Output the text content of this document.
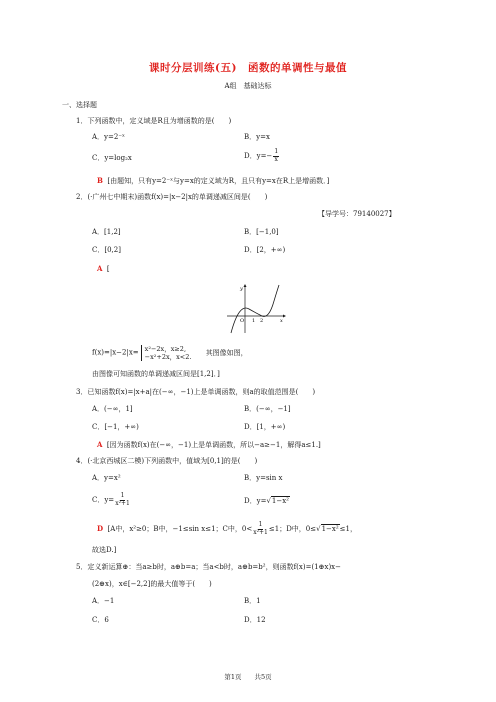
课时分层训练(五)　函数的单调性与最值
A组　基础达标
一、选择题
1．下列函数中，定义域是R且为增函数的是(　　)
A．y=2⁻ˣ	B．y=x
C．y=log₂x	D．$y=- \frac{1}{x}$
B [由题知，只有y=2⁻ˣ与y=x的定义域为R，且只有y=x在R上是增函数．]
2．(·广州七中期末)函数f(x)=|x−2|x的单调递减区间是(　　)
【导学号：79140027】
A．[1,2]	B．[−1,0]
C．[0,2]	D．[2，+∞)
A [
y
O 1 2	x
f(x)=|x−2|x= x²−2x，x≥2,
−x²+2x，x<2.
其图像如图，
由图像可知函数的单调递减区间是[1,2]．]
3．已知函数f(x)=|x+a|在(−∞，−1)上是单调函数，则a的取值范围是(　　)
A．(−∞，1]	B．(−∞，−1]
C．[−1，+∞)	D．[1，+∞)
A [因为函数f(x)在(−∞，−1)上是单调函数，所以−a≥−1，解得a≤1.]
4．(·北京西城区二模)下列函数中，值域为[0,1]的是(　　)
A．y=x²	B．y=sin x
C．$y= \frac{1}{\text{x²+1}}$	D．y=√1−x²
D [A中，x²≥0；B中，−1≤sin x≤1；C中，$0< \frac{1}{\text{x²+1}} \le 1$；D中，0≤√1−x²≤1，
故选D.]
5．定义新运算⊕：当a≥b时，a⊕b=a；当a<b时，a⊕b=b²，则函数f(x)=(1⊕x)x−
(2⊕x)，x∈[−2,2]的最大值等于(　　)
A．−1	B．1
C．6	D．12
第1页　　共5页
